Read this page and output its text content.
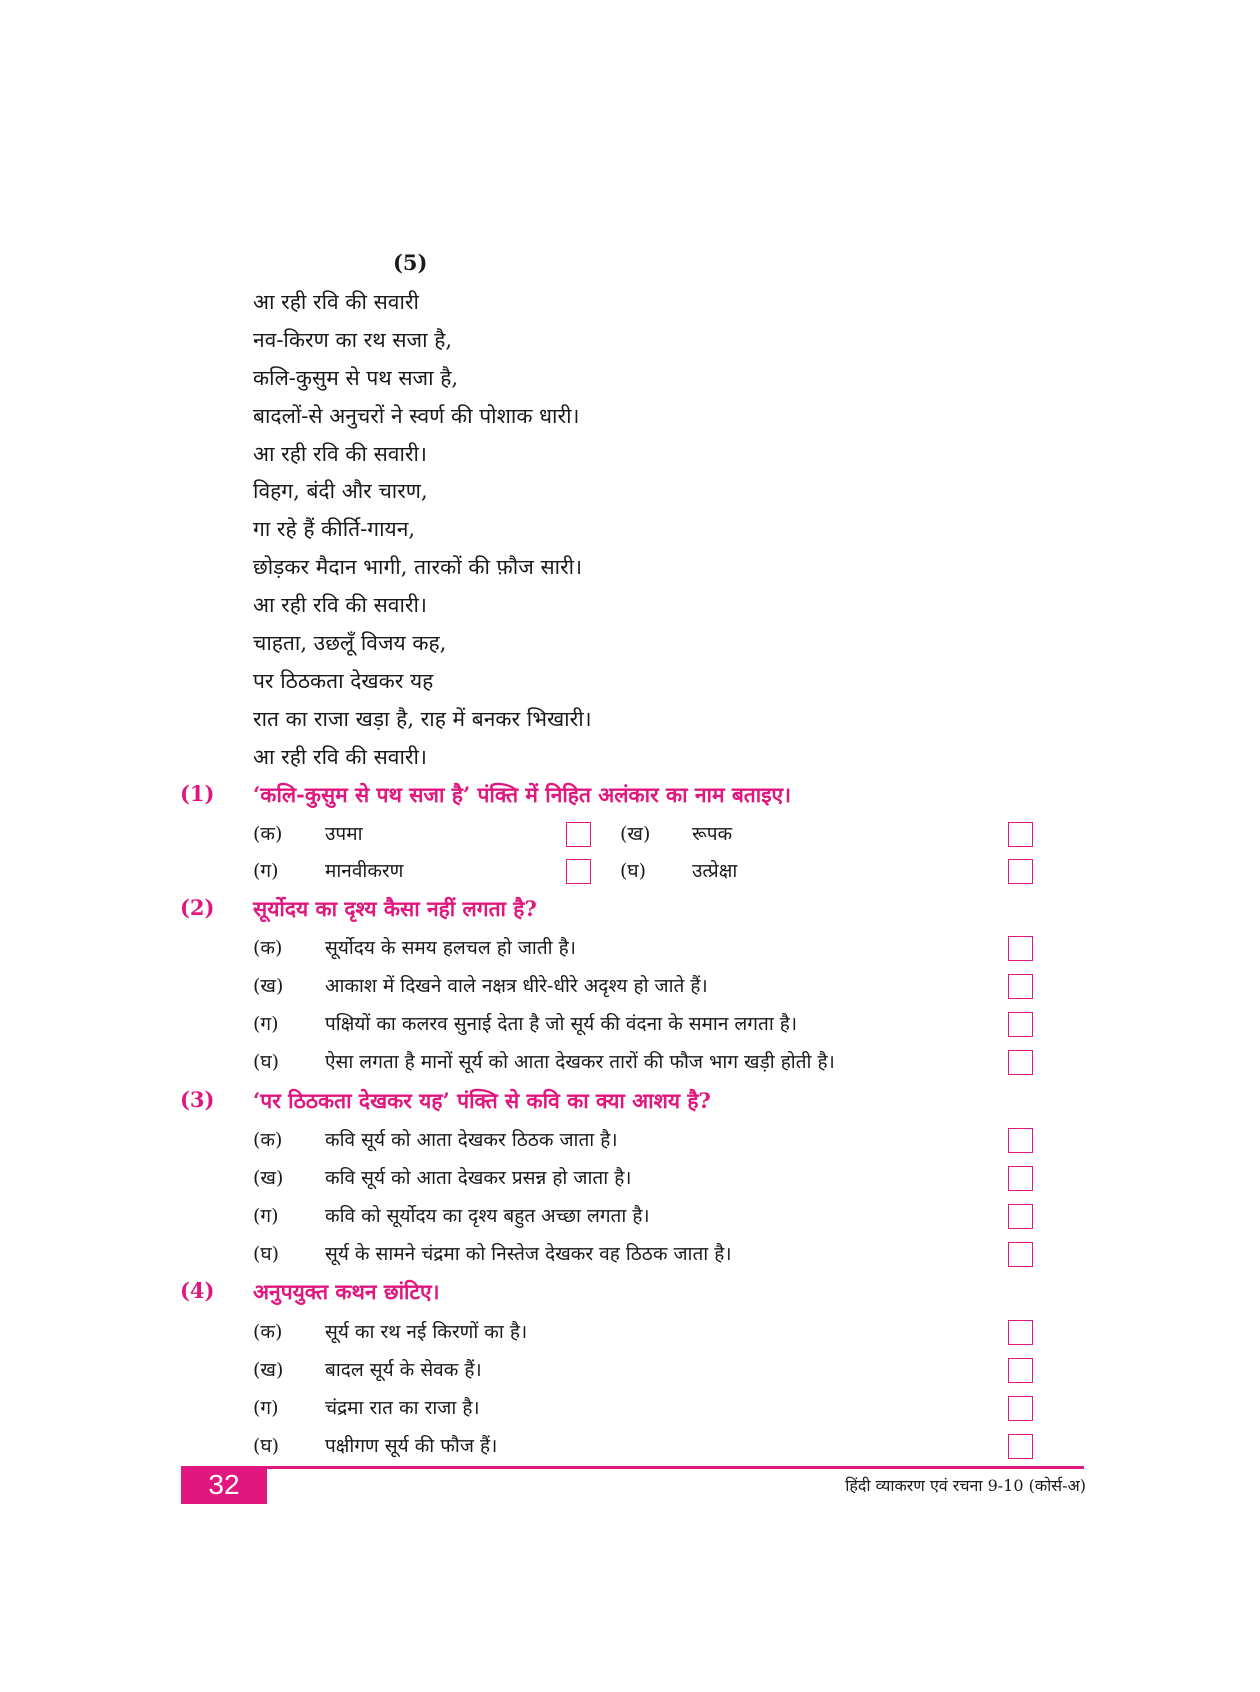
(5)
आ रही रवि की सवारी
नव-किरण का रथ सजा है,
कलि-कुसुम से पथ सजा है,
बादलों-से अनुचरों ने स्वर्ण की पोशाक धारी।
आ रही रवि की सवारी।
विहग, बंदी और चारण,
गा रहे हैं कीर्ति-गायन,
छोड़कर मैदान भागी, तारकों की फ़ौज सारी।
आ रही रवि की सवारी।
चाहता, उछलूँ विजय कह,
पर ठिठकता देखकर यह
रात का राजा खड़ा है, राह में बनकर भिखारी।
आ रही रवि की सवारी।
(1) ‘कलि-कुसुम से पथ सजा है’ पंक्ति में निहित अलंकार का नाम बताइए।
(क) उपमा	(ख) रूपक
(ग) मानवीकरण	(घ) उत्प्रेक्षा
(2) सूर्योदय का दृश्य कैसा नहीं लगता है?
(क) सूर्योदय के समय हलचल हो जाती है।
(ख) आकाश में दिखने वाले नक्षत्र धीरे-धीरे अदृश्य हो जाते हैं।
(ग) पक्षियों का कलरव सुनाई देता है जो सूर्य की वंदना के समान लगता है।
(घ) ऐसा लगता है मानों सूर्य को आता देखकर तारों की फौज भाग खड़ी होती है।
(3) ‘पर ठिठकता देखकर यह’ पंक्ति से कवि का क्या आशय है?
(क) कवि सूर्य को आता देखकर ठिठक जाता है।
(ख) कवि सूर्य को आता देखकर प्रसन्न हो जाता है।
(ग) कवि को सूर्योदय का दृश्य बहुत अच्छा लगता है।
(घ) सूर्य के सामने चंद्रमा को निस्तेज देखकर वह ठिठक जाता है।
(4) अनुपयुक्त कथन छांटिए।
(क) सूर्य का रथ नई किरणों का है।
(ख) बादल सूर्य के सेवक हैं।
(ग) चंद्रमा रात का राजा है।
(घ) पक्षीगण सूर्य की फौज हैं।
32	हिंदी व्याकरण एवं रचना 9-10 (कोर्स-अ)
